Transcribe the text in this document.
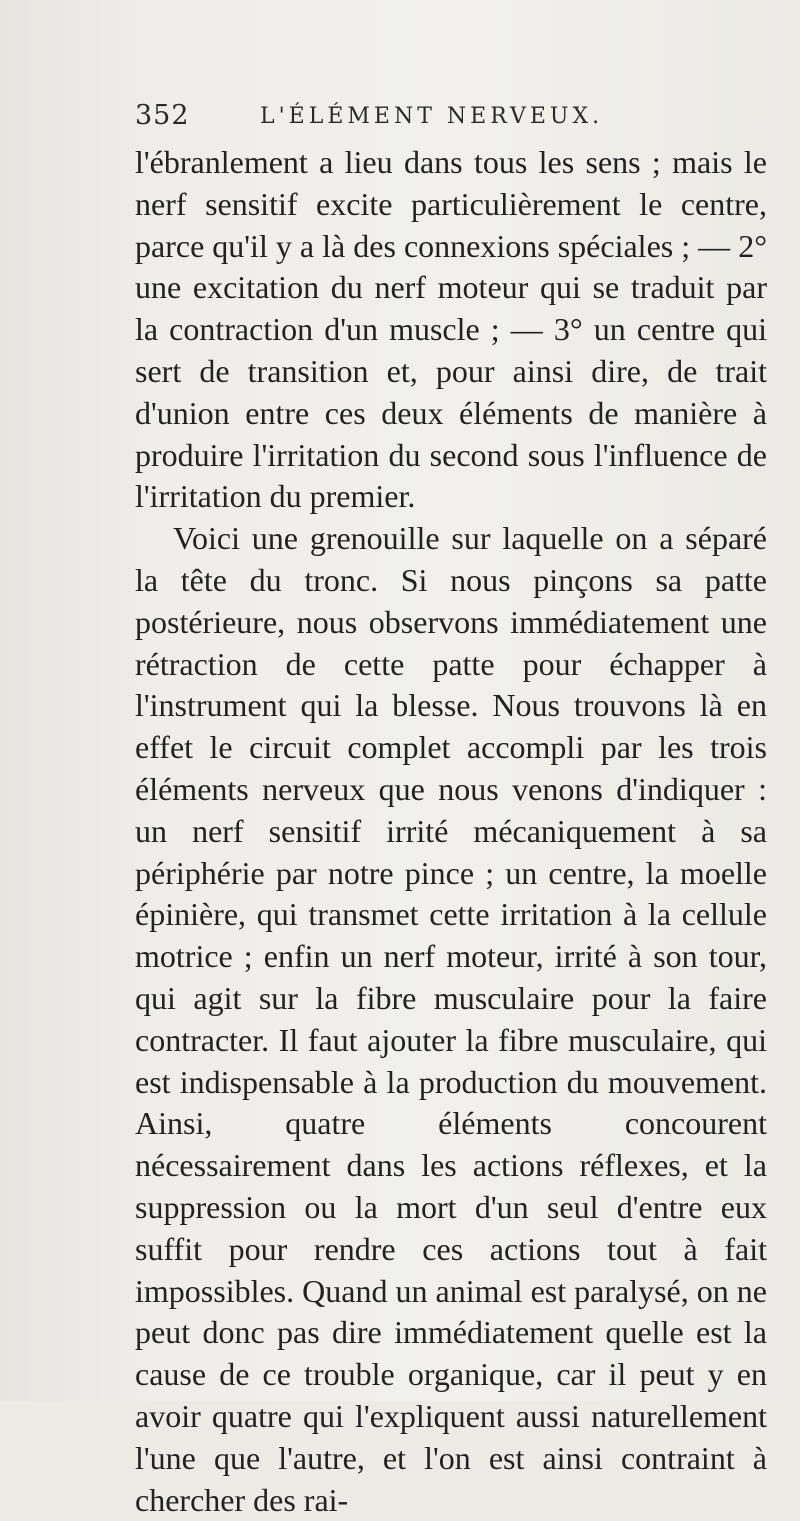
352	L'ÉLÉMENT NERVEUX.

l'ébranlement a lieu dans tous les sens ; mais le nerf sensitif excite particulièrement le centre, parce qu'il y a là des connexions spéciales ; — 2° une excitation du nerf moteur qui se traduit par la contraction d'un muscle ; — 3° un centre qui sert de transition et, pour ainsi dire, de trait d'union entre ces deux éléments de manière à produire l'irritation du second sous l'influence de l'irritation du premier.

Voici une grenouille sur laquelle on a séparé la tête du tronc. Si nous pinçons sa patte postérieure, nous observons immédiatement une rétraction de cette patte pour échapper à l'instrument qui la blesse. Nous trouvons là en effet le circuit complet accompli par les trois éléments nerveux que nous venons d'indiquer : un nerf sensitif irrité mécaniquement à sa périphérie par notre pince ; un centre, la moelle épinière, qui transmet cette irritation à la cellule motrice ; enfin un nerf moteur, irrité à son tour, qui agit sur la fibre musculaire pour la faire contracter. Il faut ajouter la fibre musculaire, qui est indispensable à la production du mouvement. Ainsi, quatre éléments concourent nécessairement dans les actions réflexes, et la suppression ou la mort d'un seul d'entre eux suffit pour rendre ces actions tout à fait impossibles. Quand un animal est paralysé, on ne peut donc pas dire immédiatement quelle est la cause de ce trouble organique, car il peut y en avoir quatre qui l'expliquent aussi naturellement l'une que l'autre, et l'on est ainsi contraint à chercher des rai-
